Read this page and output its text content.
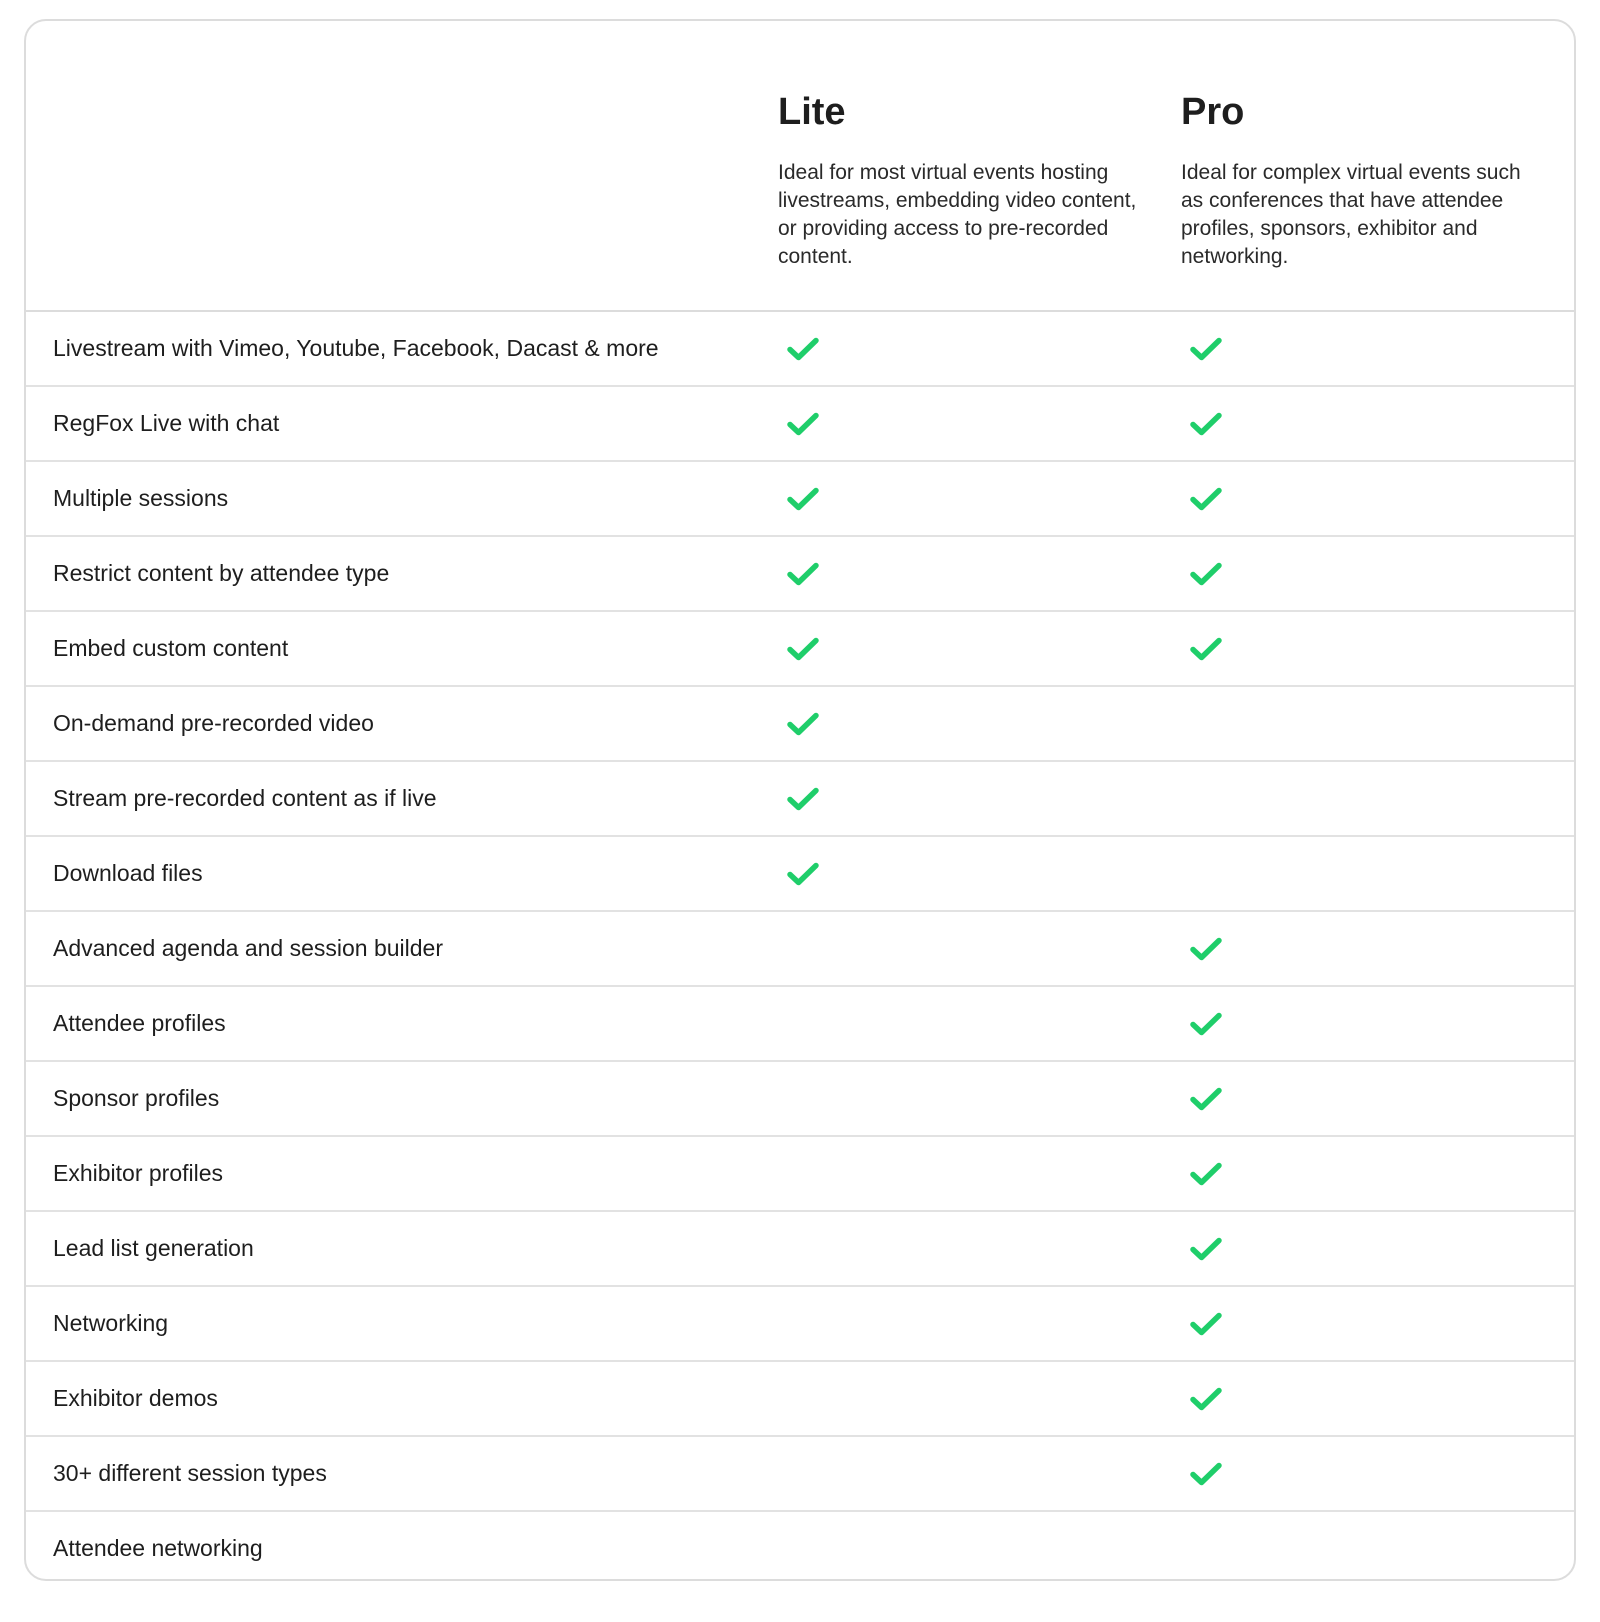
Lite

Ideal for most virtual events hosting livestreams, embedding video content, or providing access to pre-recorded content.

Pro

Ideal for complex virtual events such as conferences that have attendee profiles, sponsors, exhibitor and networking.

Livestream with Vimeo, Youtube, Facebook, Dacast & more
RegFox Live with chat
Multiple sessions
Restrict content by attendee type
Embed custom content
On-demand pre-recorded video
Stream pre-recorded content as if live
Download files
Advanced agenda and session builder
Attendee profiles
Sponsor profiles
Exhibitor profiles
Lead list generation
Networking
Exhibitor demos
30+ different session types
Attendee networking
